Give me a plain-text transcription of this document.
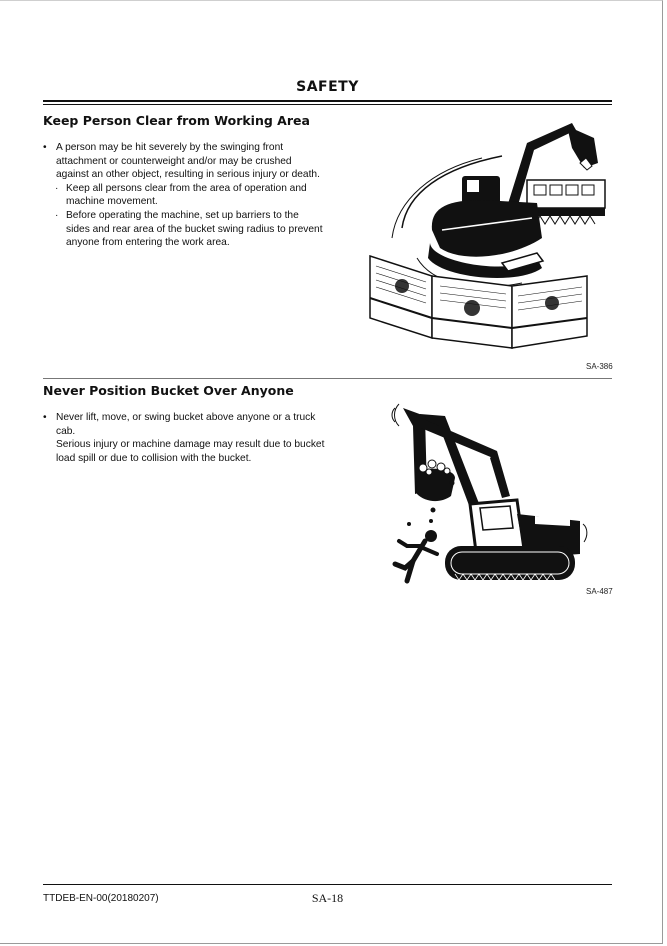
SAFETY
Keep Person Clear from Working Area
• A person may be hit severely by the swinging front
attachment or counterweight and/or may be crushed
against an other object, resulting in serious injury or death.
· Keep all persons clear from the area of operation and
machine movement.
· Before operating the machine, set up barriers to the
sides and rear area of the bucket swing radius to prevent
anyone from entering the work area.
SA-386
Never Position Bucket Over Anyone
• Never lift, move, or swing bucket above anyone or a truck
cab.
Serious injury or machine damage may result due to bucket
load spill or due to collision with the bucket.
SA-487
TTDEB-EN-00(20180207)	SA-18
